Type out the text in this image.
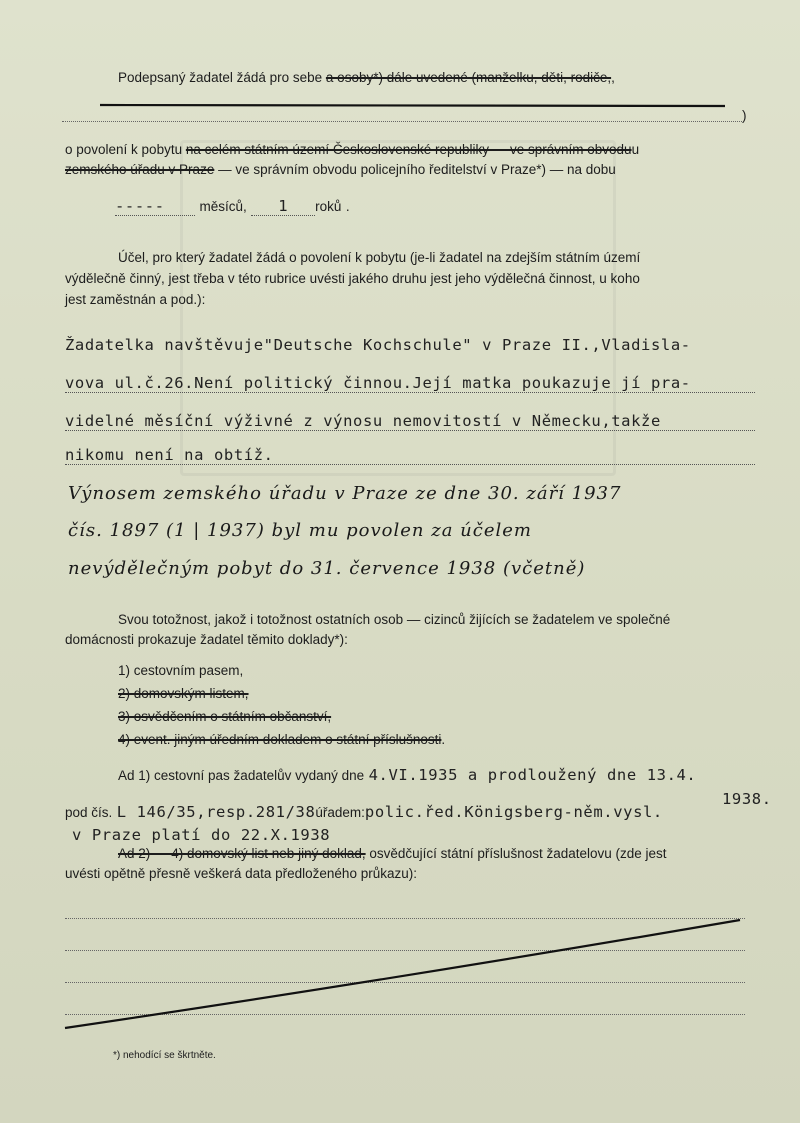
Podepsaný žadatel žádá pro sebe a osoby*) dále uvedené (manželku, děti, rodiče,,
)
o povolení k pobytu na celém státním území Československé republiky — ve správním obvoduu
zemského úřadu v Praze — ve správním obvodu policejního ředitelství v Praze*) — na dobu
-----	měsíců, 1 roků .
Účel, pro který žadatel žádá o povolení k pobytu (je-li žadatel na zdejším státním území
výdělečně činný, jest třeba v této rubrice uvésti jakého druhu jest jeho výdělečná činnost, u koho
jest zaměstnán a pod.):
Žadatelka navštěvuje"Deutsche Kochschule" v Praze II.,Vladisla-
vova ul.č.26.Není politický činnou.Její matka poukazuje jí pra-
videlné měsíční výživné z výnosu nemovitostí v Německu,takže
nikomu není na obtíž.
Výnosem zemského úřadu v Praze ze dne 30. září 1937
čís. 1897 (1 | 1937) byl mu povolen za účelem
nevýdělečným pobyt do 31. července 1938 (včetně)
Svou totožnost, jakož i totožnost ostatních osob — cizinců žijících se žadatelem ve společné
domácnosti prokazuje žadatel těmito doklady*):
1) cestovním pasem,
2) domovským listem,
3) osvědčením o státním občanství,
4) event. jiným úředním dokladem o státní příslušnosti.
Ad 1) cestovní pas žadatelův vydaný dne 4.VI.1935 a prodloužený dne 13.4.
1938.
pod čís. L 146/35,resp.281/38úřadem:polic.řed.Königsberg-něm.vysl.
v Praze platí do 22.X.1938
Ad 2) — 4) domovský list neb jiný doklad, osvědčující státní příslušnost žadatelovu (zde jest
uvésti opětně přesně veškerá data předloženého průkazu):
*) nehodící se škrtněte.
